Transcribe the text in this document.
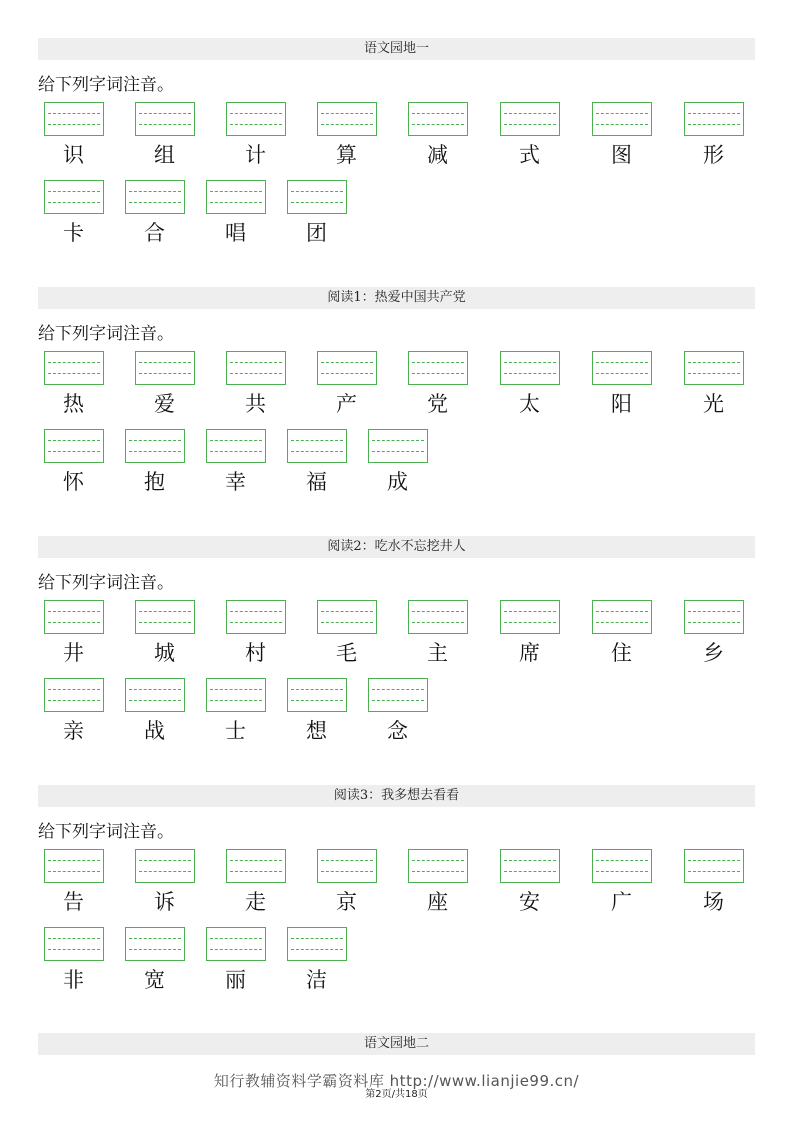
语文园地一
给下列字词注音。
识	组	计	算	减	式	图	形
卡	合	唱	团
阅读1：热爱中国共产党
给下列字词注音。
热	爱	共	产	党	太	阳	光
怀	抱	幸	福	成
阅读2：吃水不忘挖井人
给下列字词注音。
井	城	村	毛	主	席	住	乡
亲	战	士	想	念
阅读3：我多想去看看
给下列字词注音。
告	诉	走	京	座	安	广	场
非	宽	丽	洁
语文园地二
知行教辅资料学霸资料库 http://www.lianjie99.cn/
第2页/共18页
